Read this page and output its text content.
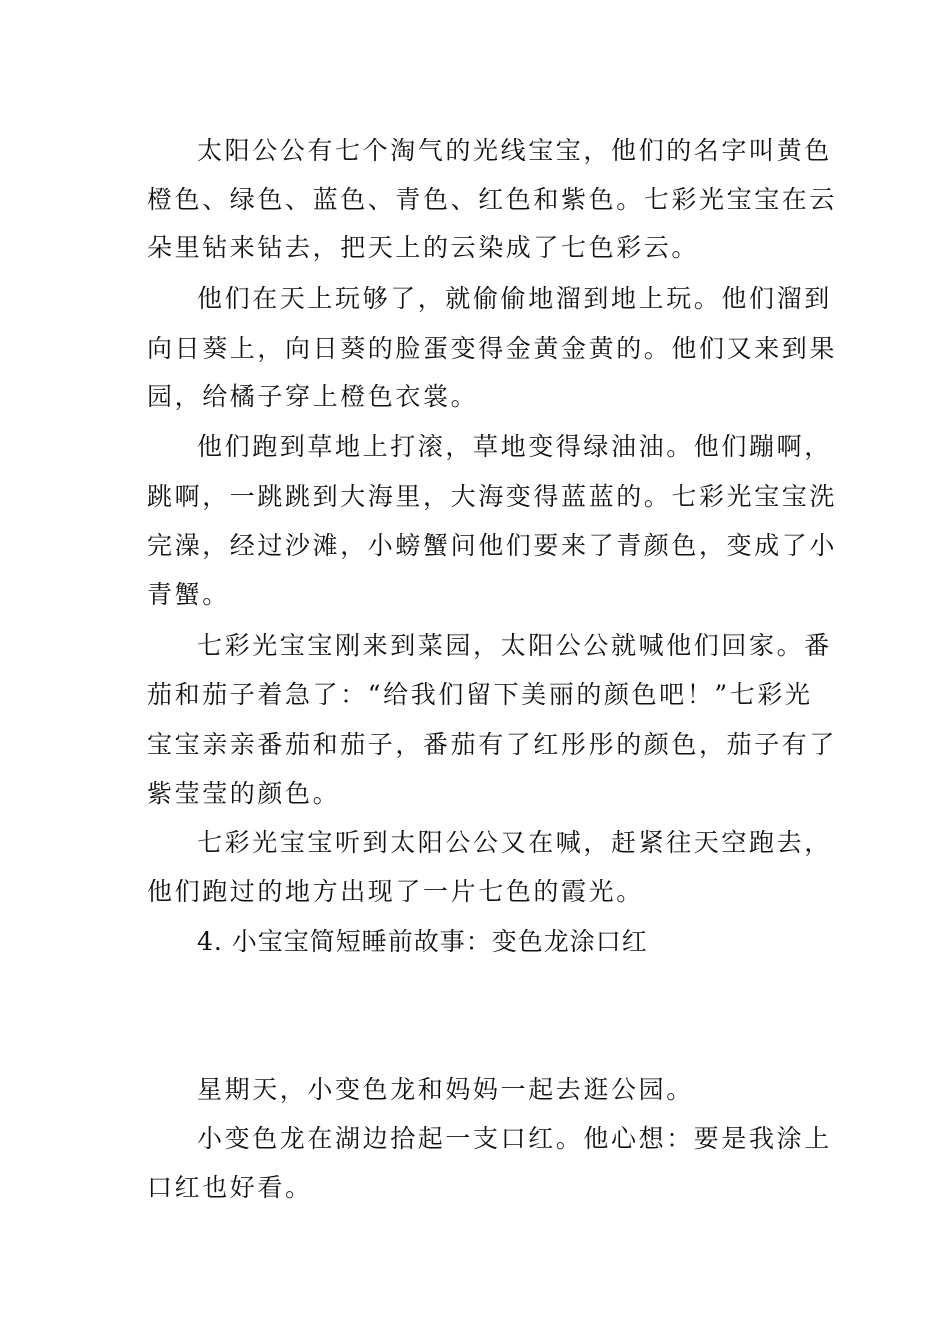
太阳公公有七个淘气的光线宝宝，他们的名字叫黄色
橙色、绿色、蓝色、青色、红色和紫色。七彩光宝宝在云
朵里钻来钻去，把天上的云染成了七色彩云。
他们在天上玩够了，就偷偷地溜到地上玩。他们溜到
向日葵上，向日葵的脸蛋变得金黄金黄的。他们又来到果
园，给橘子穿上橙色衣裳。
他们跑到草地上打滚，草地变得绿油油。他们蹦啊，
跳啊，一跳跳到大海里，大海变得蓝蓝的。七彩光宝宝洗
完澡，经过沙滩，小螃蟹问他们要来了青颜色，变成了小
青蟹。
七彩光宝宝刚来到菜园，太阳公公就喊他们回家。番
茄和茄子着急了：“给我们留下美丽的颜色吧！”七彩光
宝宝亲亲番茄和茄子，番茄有了红彤彤的颜色，茄子有了
紫莹莹的颜色。
七彩光宝宝听到太阳公公又在喊，赶紧往天空跑去，
他们跑过的地方出现了一片七色的霞光。
4. 小宝宝简短睡前故事：变色龙涂口红
星期天，小变色龙和妈妈一起去逛公园。
小变色龙在湖边拾起一支口红。他心想：要是我涂上
口红也好看。
